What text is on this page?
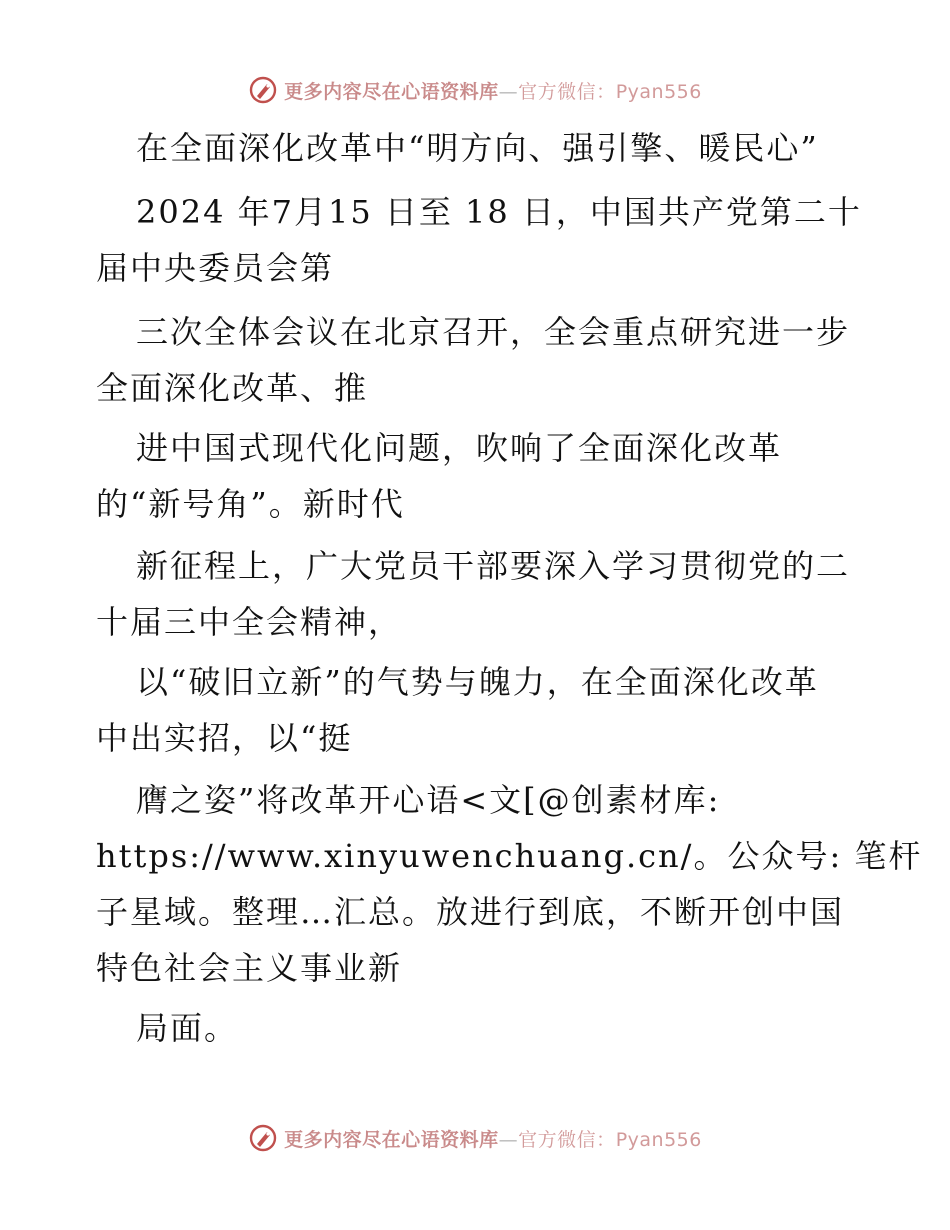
更多内容尽在心语资料库—官方微信：Pyan556
在全面深化改革中“明方向、强引擎、暖民心”
2024 年7月15 日至 18 日，中国共产党第二十
届中央委员会第
三次全体会议在北京召开，全会重点研究进一步
全面深化改革、推
进中国式现代化问题，吹响了全面深化改革
的“新号角”。新时代
新征程上，广大党员干部要深入学习贯彻党的二
十届三中全会精神，
以“破旧立新”的气势与魄力，在全面深化改革
中出实招，以“挺
膺之姿”将改革开心语<文[@创素材库:
https://www.xinyuwenchuang.cn/。公众号: 笔杆
子星域。整理…汇总。放进行到底，不断开创中国
特色社会主义事业新
局面。
更多内容尽在心语资料库—官方微信：Pyan556
